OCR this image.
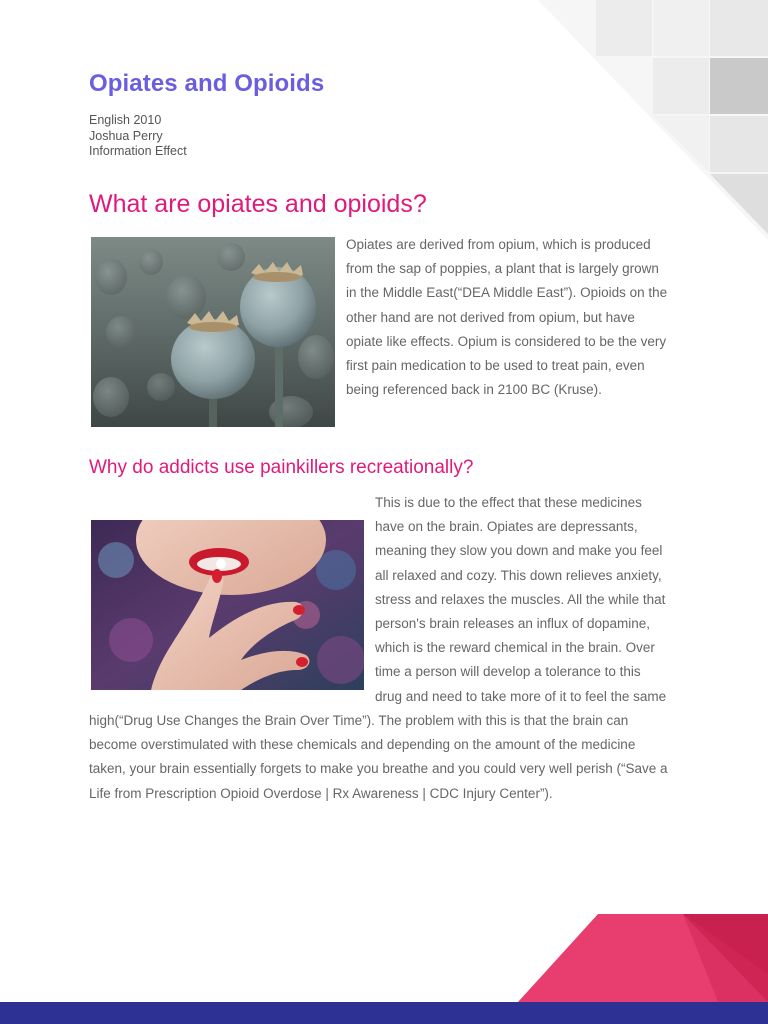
Opiates and Opioids
English 2010
Joshua Perry
Information Effect
What are opiates and opioids?
Opiates are derived from opium, which is produced
from the sap of poppies, a plant that is largely grown
in the Middle East(“DEA Middle East”). Opioids on the
other hand are not derived from opium, but have
opiate like effects. Opium is considered to be the very
first pain medication to be used to treat pain, even
being referenced back in 2100 BC (Kruse).
Why do addicts use painkillers recreationally?
This is due to the effect that these medicines
have on the brain. Opiates are depressants,
meaning they slow you down and make you feel
all relaxed and cozy. This down relieves anxiety,
stress and relaxes the muscles. All the while that
person's brain releases an influx of dopamine,
which is the reward chemical in the brain. Over
time a person will develop a tolerance to this
drug and need to take more of it to feel the same
high(“Drug Use Changes the Brain Over Time”). The problem with this is that the brain can
become overstimulated with these chemicals and depending on the amount of the medicine
taken, your brain essentially forgets to make you breathe and you could very well perish (“Save a
Life from Prescription Opioid Overdose | Rx Awareness | CDC Injury Center”).
